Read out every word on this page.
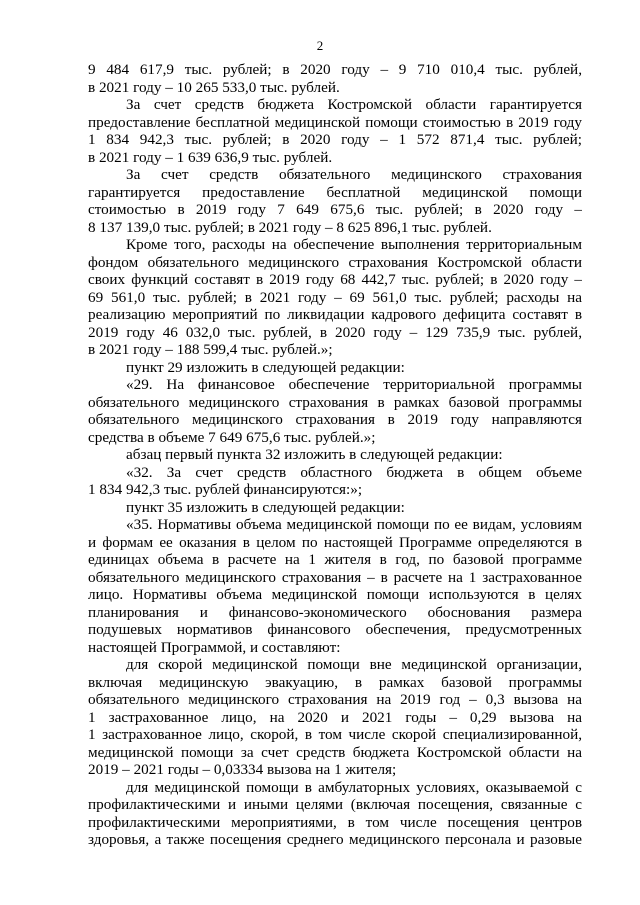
2
9 484 617,9 тыс. рублей; в 2020 году – 9 710 010,4 тыс. рублей,
в 2021 году – 10 265 533,0 тыс. рублей.
За счет средств бюджета Костромской области гарантируется
предоставление бесплатной медицинской помощи стоимостью в 2019 году
1 834 942,3 тыс. рублей; в 2020 году – 1 572 871,4 тыс. рублей;
в 2021 году – 1 639 636,9 тыс. рублей.
За счет средств обязательного медицинского страхования
гарантируется предоставление бесплатной медицинской помощи
стоимостью в 2019 году 7 649 675,6 тыс. рублей; в 2020 году –
8 137 139,0 тыс. рублей; в 2021 году – 8 625 896,1 тыс. рублей.
Кроме того, расходы на обеспечение выполнения территориальным
фондом обязательного медицинского страхования Костромской области
своих функций составят в 2019 году 68 442,7 тыс. рублей; в 2020 году –
69 561,0 тыс. рублей; в 2021 году – 69 561,0 тыс. рублей; расходы на
реализацию мероприятий по ликвидации кадрового дефицита составят в
2019 году 46 032,0 тыс. рублей, в 2020 году – 129 735,9 тыс. рублей,
в 2021 году – 188 599,4 тыс. рублей.»;
пункт 29 изложить в следующей редакции:
«29. На финансовое обеспечение территориальной программы
обязательного медицинского страхования в рамках базовой программы
обязательного медицинского страхования в 2019 году направляются
средства в объеме 7 649 675,6 тыс. рублей.»;
абзац первый пункта 32 изложить в следующей редакции:
«32. За счет средств областного бюджета в общем объеме
1 834 942,3 тыс. рублей финансируются:»;
пункт 35 изложить в следующей редакции:
«35. Нормативы объема медицинской помощи по ее видам, условиям
и формам ее оказания в целом по настоящей Программе определяются в
единицах объема в расчете на 1 жителя в год, по базовой программе
обязательного медицинского страхования – в расчете на 1 застрахованное
лицо. Нормативы объема медицинской помощи используются в целях
планирования и финансово-экономического обоснования размера
подушевых нормативов финансового обеспечения, предусмотренных
настоящей Программой, и составляют:
для скорой медицинской помощи вне медицинской организации,
включая медицинскую эвакуацию, в рамках базовой программы
обязательного медицинского страхования на 2019 год – 0,3 вызова на
1 застрахованное лицо, на 2020 и 2021 годы – 0,29 вызова на
1 застрахованное лицо, скорой, в том числе скорой специализированной,
медицинской помощи за счет средств бюджета Костромской области на
2019 – 2021 годы – 0,03334 вызова на 1 жителя;
для медицинской помощи в амбулаторных условиях, оказываемой с
профилактическими и иными целями (включая посещения, связанные с
профилактическими мероприятиями, в том числе посещения центров
здоровья, а также посещения среднего медицинского персонала и разовые
